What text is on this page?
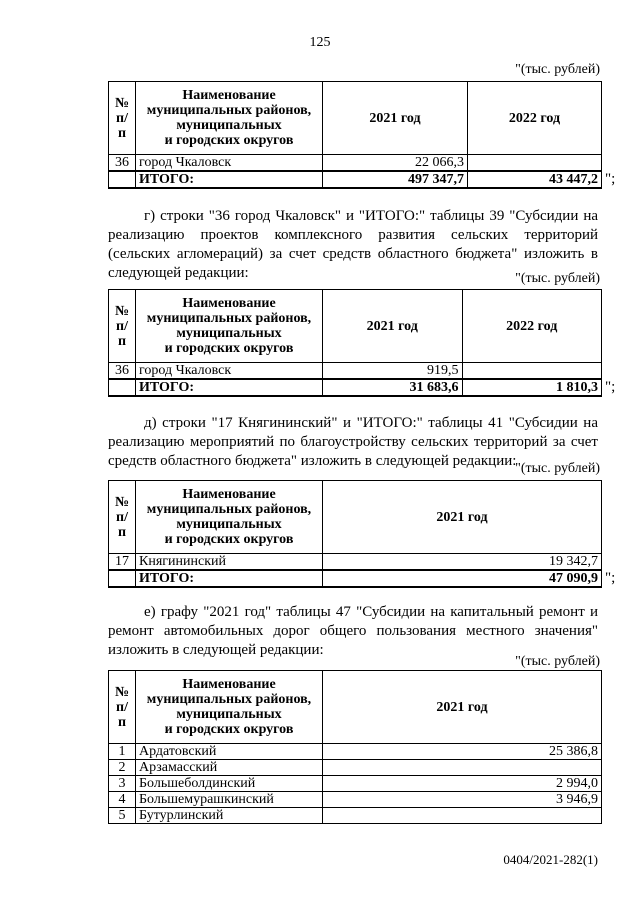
125
"(тыс. рублей)
№ п/п	Наименование
муниципальных районов,
муниципальных
и городских округов	2021 год	2022 год
36	город Чкаловск	22 066,3	
	ИТОГО:	497 347,7	43 447,2 ";
г) строки "36 город Чкаловск" и "ИТОГО:" таблицы 39 "Субсидии на реализацию проектов комплексного развития сельских территорий (сельских агломераций) за счет средств областного бюджета" изложить в следующей редакции:	"(тыс. рублей)
№ п/п	Наименование
муниципальных районов,
муниципальных
и городских округов	2021 год	2022 год
36	город Чкаловск	919,5	
	ИТОГО:	31 683,6	1 810,3 ";
д) строки "17 Княгининский" и "ИТОГО:" таблицы 41 "Субсидии на реализацию мероприятий по благоустройству сельских территорий за счет средств областного бюджета" изложить в следующей редакции:
"(тыс. рублей)
№ п/п	Наименование
муниципальных районов,
муниципальных
и городских округов	2021 год
17	Княгининский	19 342,7
	ИТОГО:	47 090,9 ";
е) графу "2021 год" таблицы 47 "Субсидии на капитальный ремонт и ремонт автомобильных дорог общего пользования местного значения" изложить в следующей редакции:
"(тыс. рублей)
№ п/п	Наименование
муниципальных районов,
муниципальных
и городских округов	2021 год
1	Ардатовский	25 386,8
2	Арзамасский	
3	Большеболдинский	2 994,0
4	Большемурашкинский	3 946,9
5	Бутурлинский	
0404/2021-282(1)
